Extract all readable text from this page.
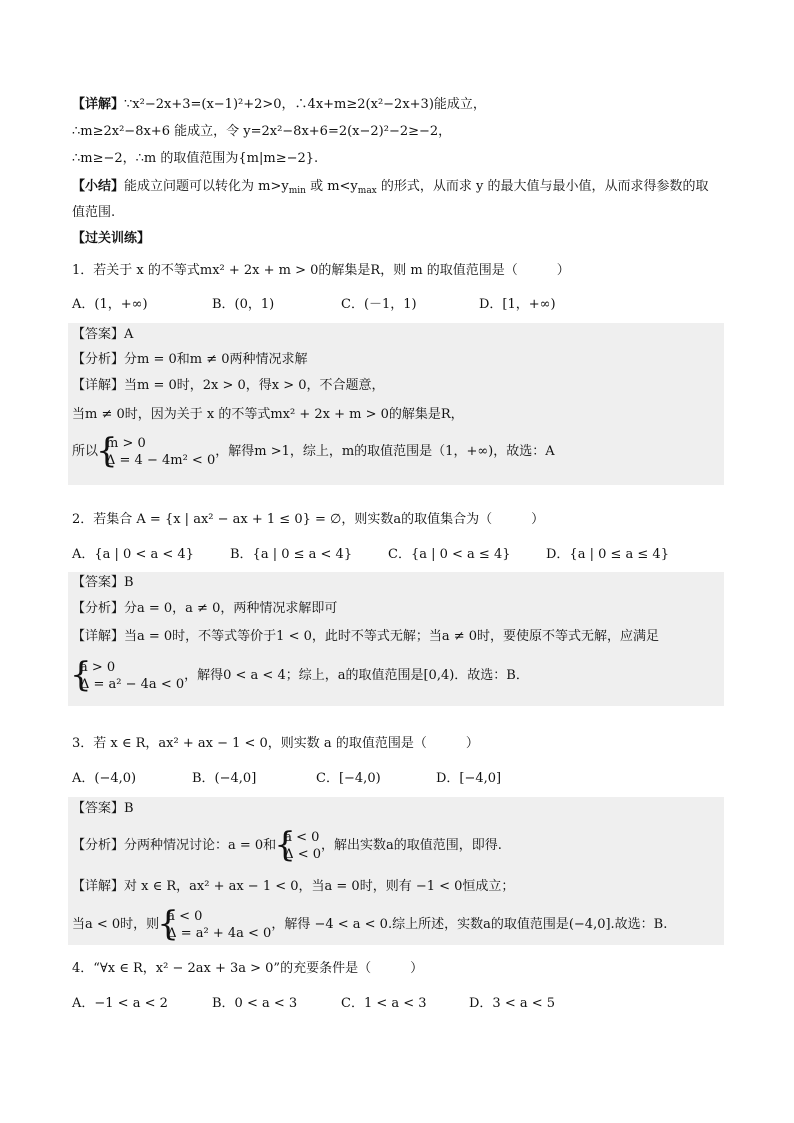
【详解】∵x²−2x+3=(x−1)²+2>0，∴4x+m≥2(x²−2x+3)能成立，
∴m≥2x²−8x+6 能成立，令 y=2x²−8x+6=2(x−2)²−2≥−2，
∴m≥−2，∴m 的取值范围为{m|m≥−2}.
【小结】能成立问题可以转化为 $m>y_{min}$ 或 $m<y_{max}$ 的形式，从而求 y 的最大值与最小值，从而求得参数的取
值范围.
【过关训练】
1．若关于 x 的不等式mx² + 2x + m > 0的解集是R，则 m 的取值范围是（　　　）
A．(1，+∞)	B．(0，1)	C．(－1，1)	D．[1，+∞)
【答案】A
【分析】分m = 0和m ≠ 0两种情况求解
【详解】当m = 0时，2x > 0，得x > 0，不合题意，
当m ≠ 0时，因为关于 x 的不等式mx² + 2x + m > 0的解集是R，
所以
{ m > 0
Δ = 4 − 4m² < 0
，解得m >1，综上，m的取值范围是（1，+∞)，故选：A
2．若集合 A = {x | ax² − ax + 1 ≤ 0} = ∅，则实数a的取值集合为（　　　）
A．{a | 0 < a < 4}	B．{a | 0 ≤ a < 4}	C．{a | 0 < a ≤ 4}	D．{a | 0 ≤ a ≤ 4}
【答案】B
【分析】分a = 0，a ≠ 0，两种情况求解即可
【详解】当a = 0时，不等式等价于1 < 0，此时不等式无解；当a ≠ 0时，要使原不等式无解，应满足
{ a > 0
Δ = a² − 4a < 0
，解得0 < a < 4；综上，a的取值范围是[0,4)．故选：B．
3．若 x ∈ R，ax² + ax − 1 < 0，则实数 a 的取值范围是（　　　）
A．(−4,0)	B．(−4,0]	C．[−4,0)	D．[−4,0]
【答案】B
【分析】分两种情况讨论：a = 0和
{ a < 0
Δ < 0
，解出实数a的取值范围，即得.
【详解】对 x ∈ R，ax² + ax − 1 < 0，当a = 0时，则有 −1 < 0恒成立；
当a < 0时，则
{ a < 0
Δ = a² + 4a < 0
，解得 −4 < a < 0.综上所述，实数a的取值范围是(−4,0].故选：B.
4．“∀x ∈ R，x² − 2ax + 3a > 0”的充要条件是（　　　）
A．−1 < a < 2	B．0 < a < 3	C．1 < a < 3	D．3 < a < 5
